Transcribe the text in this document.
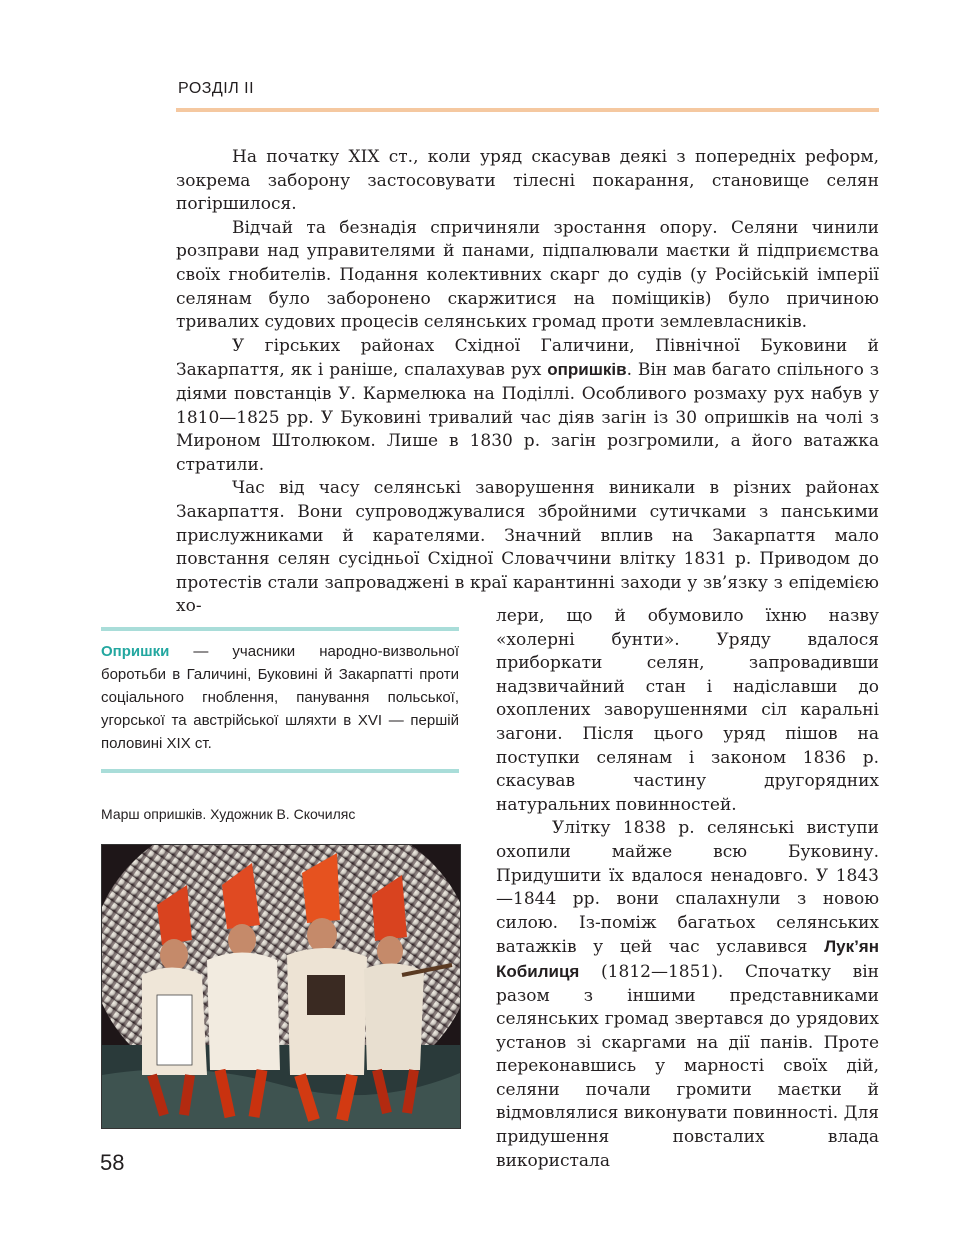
РОЗДІЛ II

На початку ХІХ ст., коли уряд скасував деякі з попередніх реформ, зокрема заборону застосовувати тілесні покарання, становище селян погіршилося.

Відчай та безнадія спричиняли зростання опору. Селяни чинили розправи над управителями й панами, підпалювали маєтки й підприємства своїх гнобителів. Подання колективних скарг до судів (у Російській імперії селянам було заборонено скаржитися на поміщиків) було причиною тривалих судових процесів селянських громад проти землевласників.

У гірських районах Східної Галичини, Північної Буковини й Закарпаття, як і раніше, спалахував рух опришків. Він мав багато спільного з діями повстанців У. Кармелюка на Поділлі. Особливого розмаху рух набув у 1810—1825 рр. У Буковині тривалий час діяв загін із 30 опришків на чолі з Мироном Штолюком. Лише в 1830 р. загін розгромили, а його ватажка стратили.

Час від часу селянські заворушення виникали в різних районах Закарпаття. Вони супроводжувалися збройними сутичками з панськими прислужниками й карателями. Значний вплив на Закарпаття мало повстання селян сусідньої Східної Словаччини влітку 1831 р. Приводом до протестів стали запроваджені в краї карантинні заходи у зв’язку з епідемією хо-	лери, що й обумовило їхню назву «холерні бунти». Уряду вдалося приборкати селян, запровадивши надзвичайний стан і надіславши до охоплених заворушеннями сіл каральні загони. Після цього уряд пішов на поступки селянам і законом 1836 р. скасував частину другорядних натуральних повинностей.

Улітку 1838 р. селянські виступи охопили майже всю Буковину. Придушити їх вдалося ненадовго. У 1843—1844 рр. вони спалахнули з новою силою. Із-поміж багатьох селянських ватажків у цей час уславився Лук’ян Кобилиця (1812—1851). Спочатку він разом з іншими представниками селянських громад звертався до урядових установ зі скаргами на дії панів. Проте переконавшись у марності своїх дій, селяни почали громити маєтки й відмовлялися виконувати повинності. Для придушення повсталих влада використала

Опришки — учасники народно-визвольної боротьби в Галичині, Буковині й Закарпатті проти соціального гноблення, панування польської, угорської та австрійської шляхти в XVI — першій половині ХІХ ст.
Марш опришків. Художник В. Скочиляс
58
